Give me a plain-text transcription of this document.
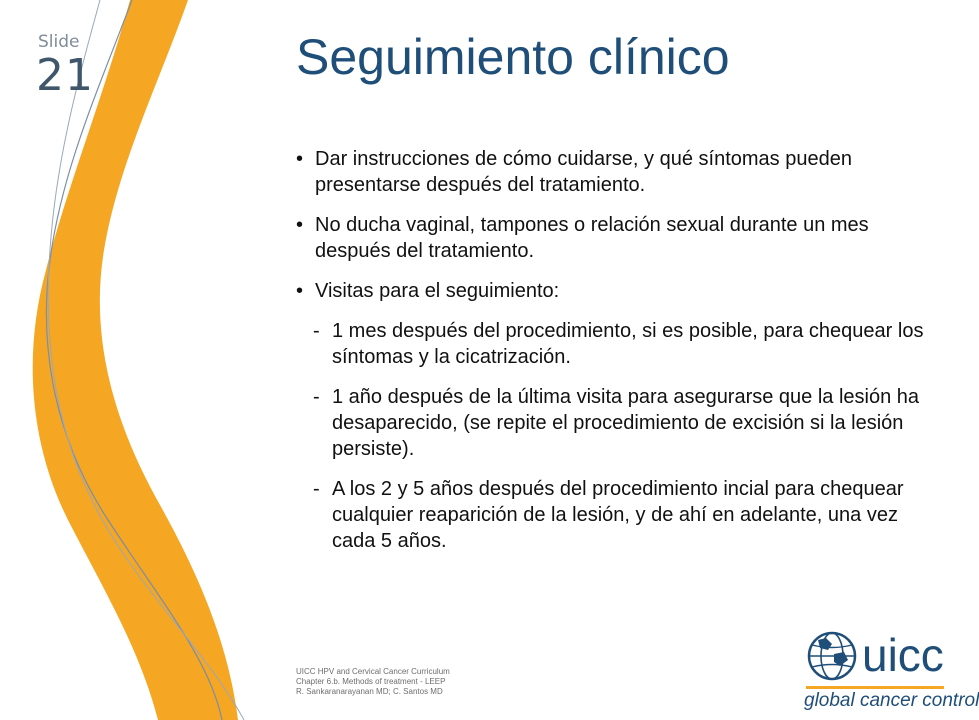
Slide
21	Seguimiento clínico
• Dar instrucciones de cómo cuidarse, y qué síntomas pueden presentarse después del tratamiento.
• No ducha vaginal, tampones o relación sexual durante un mes después del tratamiento.
• Visitas para el seguimiento:
- 1 mes después del procedimiento, si es posible, para chequear los síntomas y la cicatrización.
- 1 año después de la última visita para asegurarse que la lesión ha desaparecido, (se repite el procedimiento de excisión si la lesión persiste).
- A los 2 y 5 años después del procedimiento incial para chequear cualquier reaparición de la lesión, y de ahí en adelante, una vez cada 5 años.
UICC HPV and Cervical Cancer Curriculum
Chapter 6.b. Methods of treatment - LEEP
R. Sankaranarayanan MD; C. Santos MD
uicc
global cancer control
